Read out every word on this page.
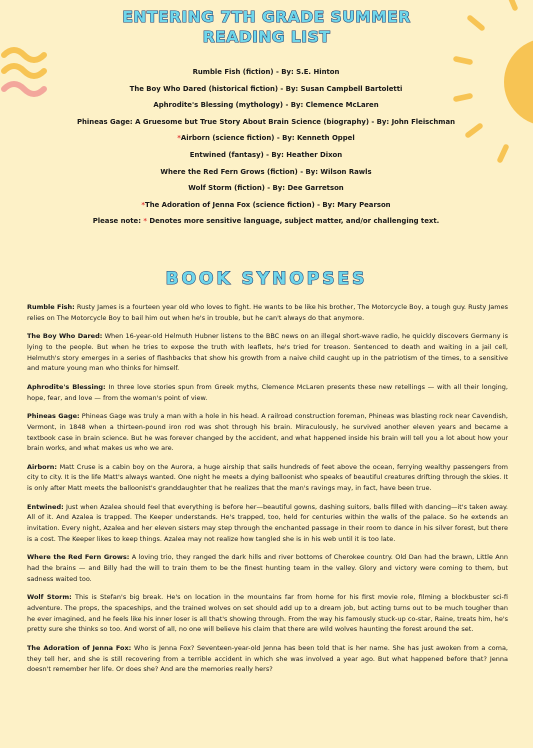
ENTERING 7TH GRADE SUMMER
READING LIST
Rumble Fish (fiction) - By: S.E. Hinton
The Boy Who Dared (historical fiction) - By: Susan Campbell Bartoletti
Aphrodite's Blessing (mythology) - By: Clemence McLaren
Phineas Gage: A Gruesome but True Story About Brain Science (biography) - By: John Fleischman
*Airborn (science fiction) - By: Kenneth Oppel
Entwined (fantasy) - By: Heather Dixon
Where the Red Fern Grows (fiction) - By: Wilson Rawls
Wolf Storm (fiction) - By: Dee Garretson
*The Adoration of Jenna Fox (science fiction) - By: Mary Pearson
Please note: * Denotes more sensitive language, subject matter, and/or challenging text.
BOOK SYNOPSES

Rumble Fish: Rusty James is a fourteen year old who loves to fight. He wants to be like his brother, The Motorcycle Boy, a tough guy. Rusty James relies on The Motorcycle Boy to bail him out when he's in trouble, but he can't always do that anymore.

The Boy Who Dared: When 16-year-old Helmuth Hubner listens to the BBC news on an illegal short-wave radio, he quickly discovers Germany is lying to the people. But when he tries to expose the truth with leaflets, he's tried for treason. Sentenced to death and waiting in a jail cell, Helmuth's story emerges in a series of flashbacks that show his growth from a naive child caught up in the patriotism of the times, to a sensitive and mature young man who thinks for himself.

Aphrodite's Blessing: In three love stories spun from Greek myths, Clemence McLaren presents these new retellings — with all their longing, hope, fear, and love — from the woman's point of view.

Phineas Gage: Phineas Gage was truly a man with a hole in his head. A railroad construction foreman, Phineas was blasting rock near Cavendish, Vermont, in 1848 when a thirteen-pound iron rod was shot through his brain. Miraculously, he survived another eleven years and became a textbook case in brain science. But he was forever changed by the accident, and what happened inside his brain will tell you a lot about how your brain works, and what makes us who we are.

Airborn: Matt Cruse is a cabin boy on the Aurora, a huge airship that sails hundreds of feet above the ocean, ferrying wealthy passengers from city to city. It is the life Matt's always wanted. One night he meets a dying balloonist who speaks of beautiful creatures drifting through the skies. It is only after Matt meets the balloonist's granddaughter that he realizes that the man's ravings may, in fact, have been true.

Entwined: Just when Azalea should feel that everything is before her—beautiful gowns, dashing suitors, balls filled with dancing—it's taken away. All of it. And Azalea is trapped. The Keeper understands. He's trapped, too, held for centuries within the walls of the palace. So he extends an invitation. Every night, Azalea and her eleven sisters may step through the enchanted passage in their room to dance in his silver forest, but there is a cost. The Keeper likes to keep things. Azalea may not realize how tangled she is in his web until it is too late.

Where the Red Fern Grows: A loving trio, they ranged the dark hills and river bottoms of Cherokee country. Old Dan had the brawn, Little Ann had the brains — and Billy had the will to train them to be the finest hunting team in the valley. Glory and victory were coming to them, but sadness waited too.

Wolf Storm: This is Stefan's big break. He's on location in the mountains far from home for his first movie role, filming a blockbuster sci-fi adventure. The props, the spaceships, and the trained wolves on set should add up to a dream job, but acting turns out to be much tougher than he ever imagined, and he feels like his inner loser is all that's showing through. From the way his famously stuck-up co-star, Raine, treats him, he's pretty sure she thinks so too. And worst of all, no one will believe his claim that there are wild wolves haunting the forest around the set.

The Adoration of Jenna Fox: Who is Jenna Fox? Seventeen-year-old Jenna has been told that is her name. She has just awoken from a coma, they tell her, and she is still recovering from a terrible accident in which she was involved a year ago. But what happened before that? Jenna doesn't remember her life. Or does she? And are the memories really hers?
